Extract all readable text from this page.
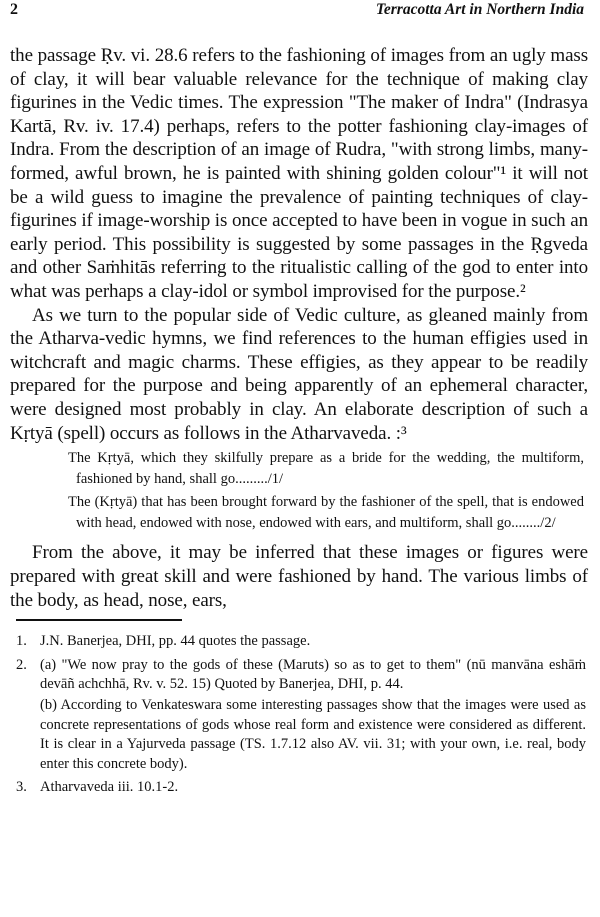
2	Terracotta Art in Northern India

the passage Ṛv. vi. 28.6 refers to the fashioning of images from an ugly mass of clay, it will bear valuable relevance for the technique of making clay figurines in the Vedic times. The expression "The maker of Indra" (Indrasya Kartā, Rv. iv. 17.4) perhaps, refers to the potter fashioning clay-images of Indra. From the description of an image of Rudra, "with strong limbs, many-formed, awful brown, he is painted with shining golden colour"¹ it will not be a wild guess to imagine the prevalence of painting techniques of clay-figurines if image-worship is once accepted to have been in vogue in such an early period. This possibility is suggested by some passages in the Ṛgveda and other Saṁhitās referring to the ritualistic calling of the god to enter into what was perhaps a clay-idol or symbol improvised for the purpose.²

As we turn to the popular side of Vedic culture, as gleaned mainly from the Atharva-vedic hymns, we find references to the human effigies used in witchcraft and magic charms. These effigies, as they appear to be readily prepared for the purpose and being apparently of an ephemeral character, were designed most probably in clay. An elaborate description of such a Kṛtyā (spell) occurs as follows in the Atharvaveda. :³

The Kṛtyā, which they skilfully prepare as a bride for the wedding, the multiform, fashioned by hand, shall go........./1/

The (Kṛtyā) that has been brought forward by the fashioner of the spell, that is endowed with head, endowed with nose, endowed with ears, and multiform, shall go......../2/

From the above, it may be inferred that these images or figures were prepared with great skill and were fashioned by hand. The various limbs of the body, as head, nose, ears,

1. J.N. Banerjea, DHI, pp. 44 quotes the passage.

2. (a) "We now pray to the gods of these (Maruts) so as to get to them" (nū manvāna eshāṁ devāñ achchhā, Rv. v. 52. 15) Quoted by Banerjea, DHI, p. 44.

(b) According to Venkateswara some interesting passages show that the images were used as concrete representations of gods whose real form and existence were considered as different. It is clear in a Yajurveda passage (TS. 1.7.12 also AV. vii. 31; with your own, i.e. real, body enter this concrete body).

3. Atharvaveda iii. 10.1-2.
